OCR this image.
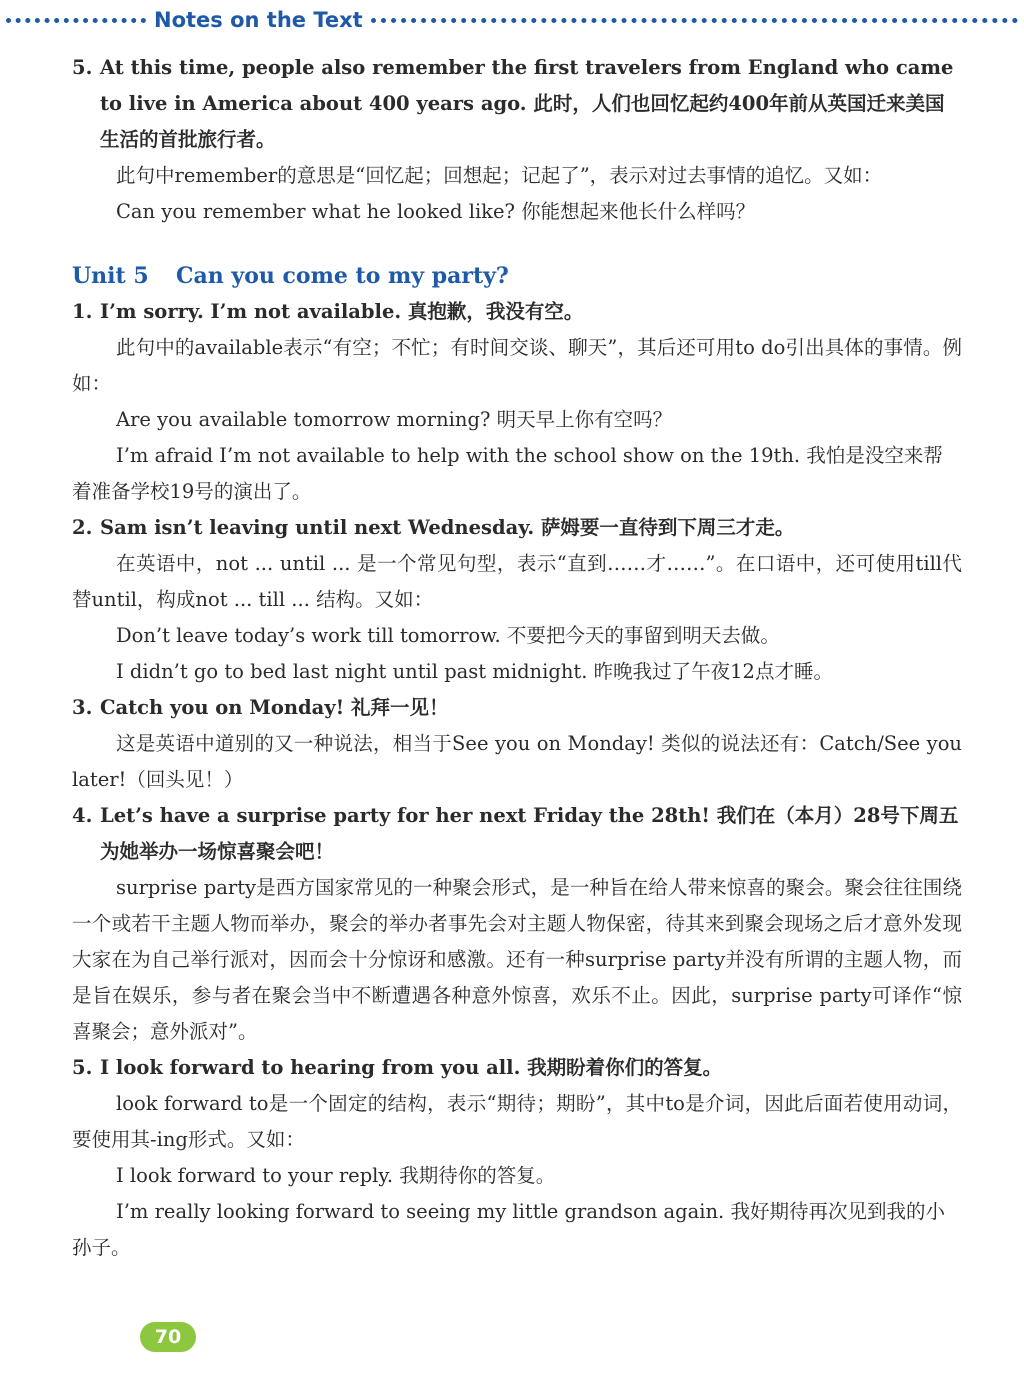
Notes on the Text

5. At this time, people also remember the first travelers from England who came to live in America about 400 years ago. 此时，人们也回忆起约400年前从英国迁来美国生活的首批旅行者。

此句中remember的意思是“回忆起；回想起；记起了”，表示对过去事情的追忆。又如：

Can you remember what he looked like? 你能想起来他长什么样吗？

Unit 5 Can you come to my party?

1. I’m sorry. I’m not available. 真抱歉，我没有空。

此句中的available表示“有空；不忙；有时间交谈、聊天”，其后还可用to do引出具体的事情。例如：

Are you available tomorrow morning? 明天早上你有空吗？

I’m afraid I’m not available to help with the school show on the 19th. 我怕是没空来帮着准备学校19号的演出了。

2. Sam isn’t leaving until next Wednesday. 萨姆要一直待到下周三才走。

在英语中，not ... until ... 是一个常见句型，表示“直到……才……”。在口语中，还可使用till代替until，构成not ... till ... 结构。又如：

Don’t leave today’s work till tomorrow. 不要把今天的事留到明天去做。

I didn’t go to bed last night until past midnight. 昨晚我过了午夜12点才睡。

3. Catch you on Monday! 礼拜一见！

这是英语中道别的又一种说法，相当于See you on Monday! 类似的说法还有：Catch/See you later!（回头见！）

4. Let’s have a surprise party for her next Friday the 28th! 我们在（本月）28号下周五为她举办一场惊喜聚会吧！

surprise party是西方国家常见的一种聚会形式，是一种旨在给人带来惊喜的聚会。聚会往往围绕一个或若干主题人物而举办，聚会的举办者事先会对主题人物保密，待其来到聚会现场之后才意外发现大家在为自己举行派对，因而会十分惊讶和感激。还有一种surprise party并没有所谓的主题人物，而是旨在娱乐，参与者在聚会当中不断遭遇各种意外惊喜，欢乐不止。因此，surprise party可译作“惊喜聚会；意外派对”。

5. I look forward to hearing from you all. 我期盼着你们的答复。

look forward to是一个固定的结构，表示“期待；期盼”，其中to是介词，因此后面若使用动词，要使用其-ing形式。又如：

I look forward to your reply. 我期待你的答复。

I’m really looking forward to seeing my little grandson again. 我好期待再次见到我的小孙子。

70
